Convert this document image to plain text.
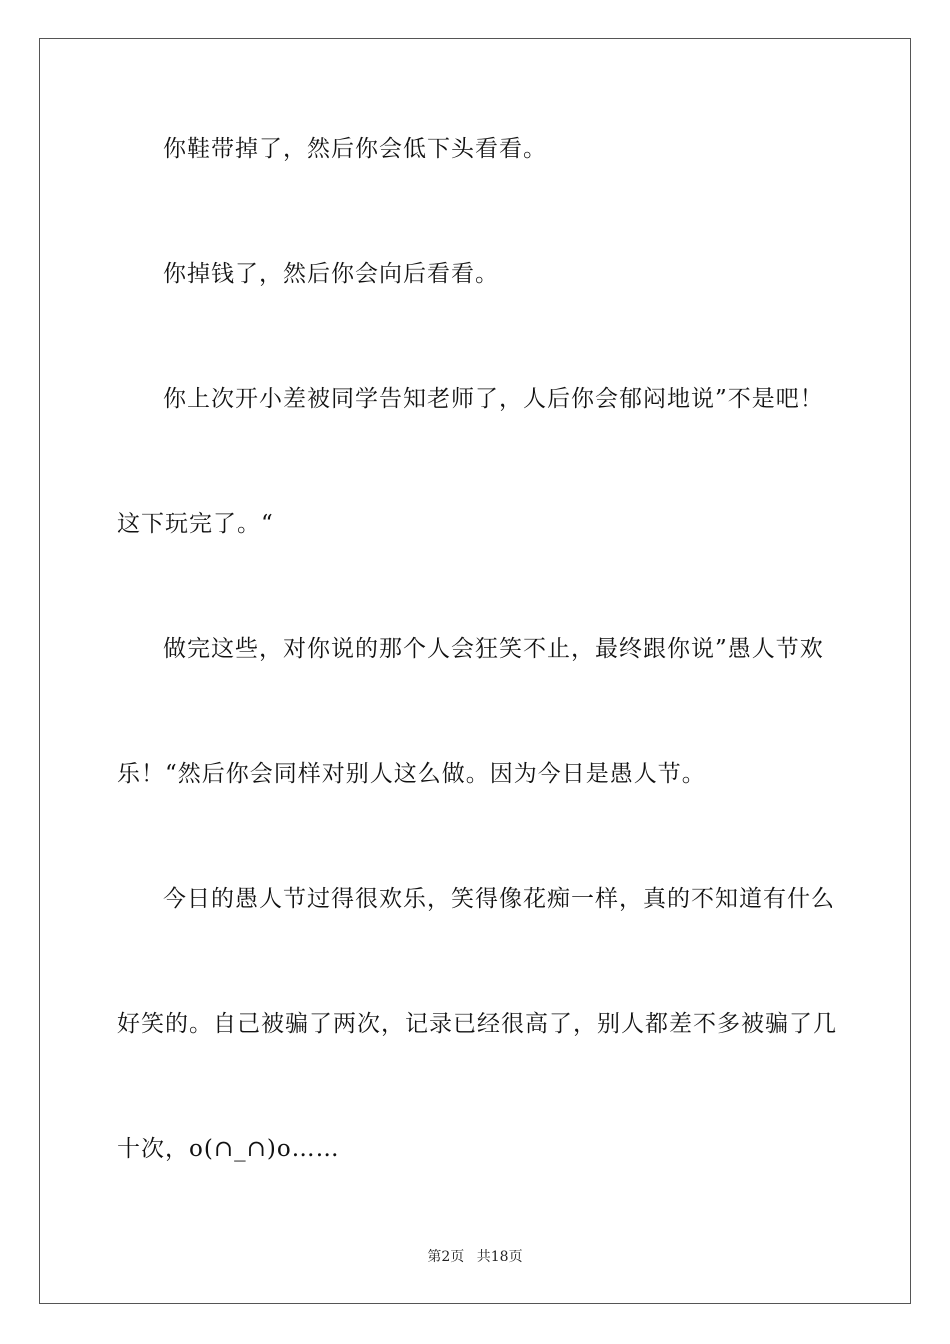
你鞋带掉了，然后你会低下头看看。
你掉钱了，然后你会向后看看。
你上次开小差被同学告知老师了，人后你会郁闷地说”不是吧！
这下玩完了。“
做完这些，对你说的那个人会狂笑不止，最终跟你说”愚人节欢
乐！“然后你会同样对别人这么做。因为今日是愚人节。
今日的愚人节过得很欢乐，笑得像花痴一样，真的不知道有什么
好笑的。自己被骗了两次，记录已经很高了，别人都差不多被骗了几
十次，o(∩_∩)o……
第2页 共18页
